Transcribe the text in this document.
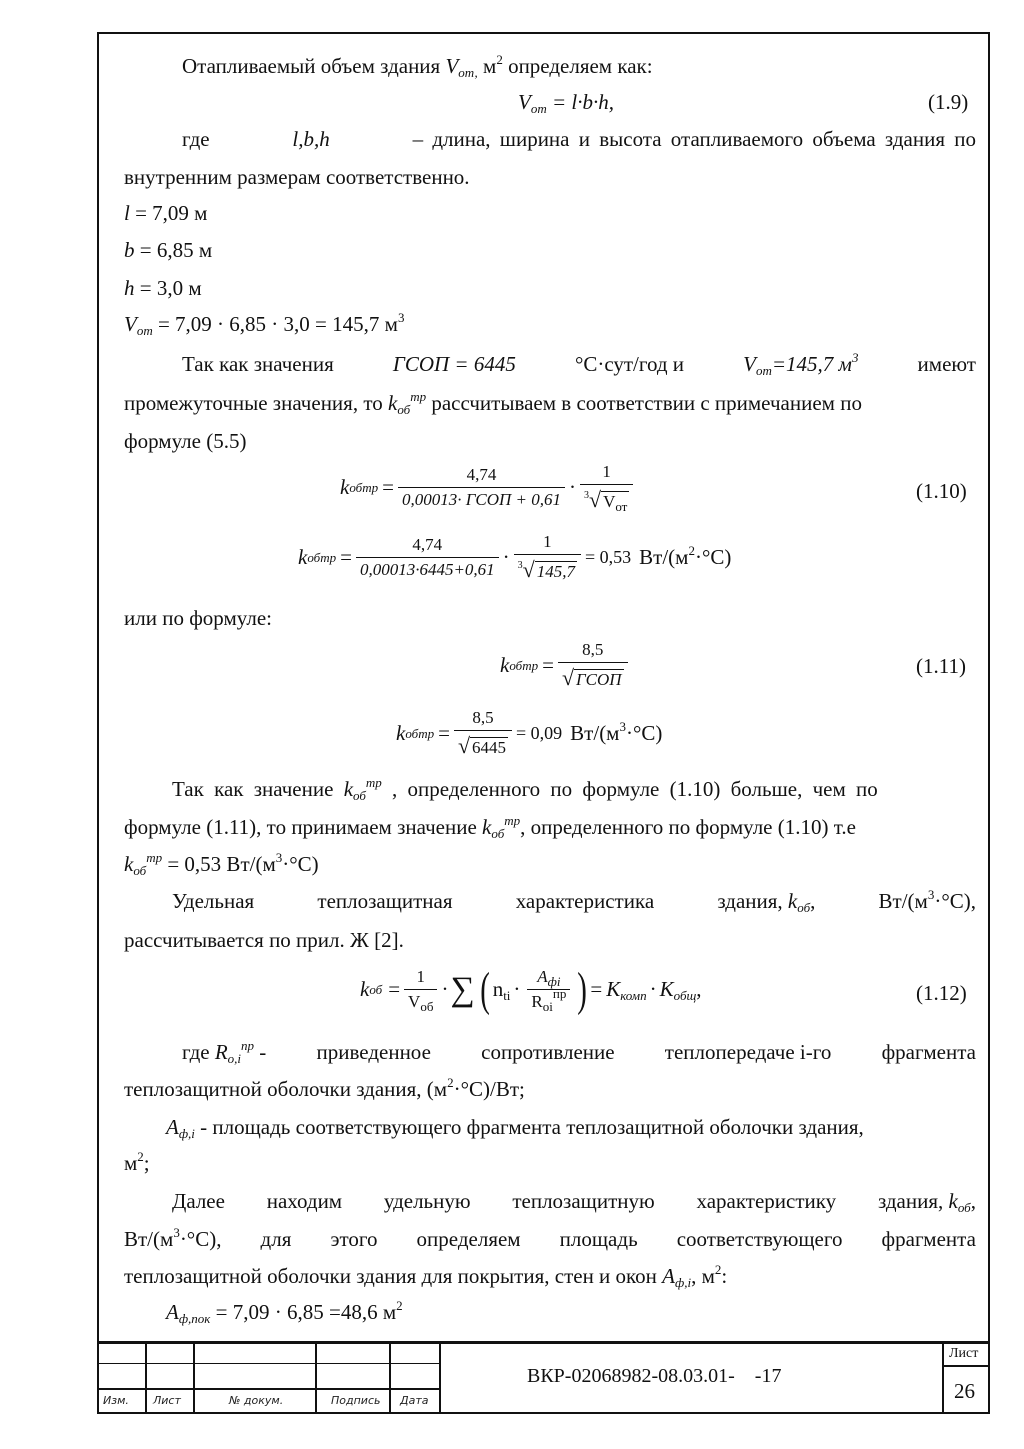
Отапливаемый объем здания $V_{от,}$ $м^2$ определяем как:
$V_{от} = l\cdot b\cdot h$,	(1.9)
где	l,b,h	– длина, ширина и высота отапливаемого объема здания по
внутренним размерам соответственно.
l = 7,09 м
b = 6,85 м
h = 3,0 м
$V_{от} = 7,09 \cdot 6,85 \cdot 3,0 = 145,7$ $м^3$
Так как значения	ГСОП = 6445	°С·сут/год и	$V_{от}=145,7$ $м^3$	имеют
промежуточные значения, то $k_{об}^{тр}$ рассчитываем в соответствии с примечанием по
формуле (5.5)
k об тр = $\frac{4,74}{\text{0,00013· ГСОП + 0,61}} \cdot \frac{1}{^3√ V_{от}}$	(1.10)
k об тр = $\frac{4,74}{0,00013\cdot 6445+0,61} \cdot \frac{1}{^3√ 145,7} = 0,53$ $Вт/(м^2\cdot^\circ С)$
или по формуле:
k об тр = $\frac{8,5}{\text{√ ГСОП}}$	(1.11)
k об тр = $\frac{8,5}{√ 6445} = 0,09$ $Вт/(м^3\cdot^\circ С)$
Так как значение $k_{об}^{тр}$ , определенного по формуле (1.10) больше, чем по
формуле (1.11), то принимаем значение $k_{об}^{тр}$, определенного по формуле (1.10) т.е
$k_{об}^{тр} = 0,53$ $Вт/(м^3\cdot^\circ С)$
Удельная	теплозащитная	характеристика	здания, $k_{об}$,	$Вт/(м^3\cdot^\circ С)$,
рассчитывается по прил. Ж [2].
k об = $\frac{1}{V_{об}}$ · ∑ ( $n_{ti} \cdot \frac{A_{фi}}{R_{oi}^{пр}}$ ) = $K_{комп} \cdot K_{общ}$ ,	(1.12)
где $R_{o,i}^{пр}$ - приведенное сопротивление теплопередаче i-го фрагмента
теплозащитной оболочки здания, $(м^2\cdot^\circ С)/Вт$;
$A_{ф,i}$ - площадь соответствующего фрагмента теплозащитной оболочки здания,
$м^2$;
Далее находим удельную теплозащитную характеристику здания, $k_{об}$,
$Вт/(м^3\cdot^\circ С)$, для этого определяем площадь соответствующего фрагмента
теплозащитной оболочки здания для покрытия, стен и окон $A_{ф,i}$, $м^2$:
$A_{ф,пок} = 7,09 \cdot 6,85 =48,6$ $м^2$
Изм. Лист	№ докум.	Подпись Дата
ВКР-02068982-08.03.01-    -17
Лист
26
